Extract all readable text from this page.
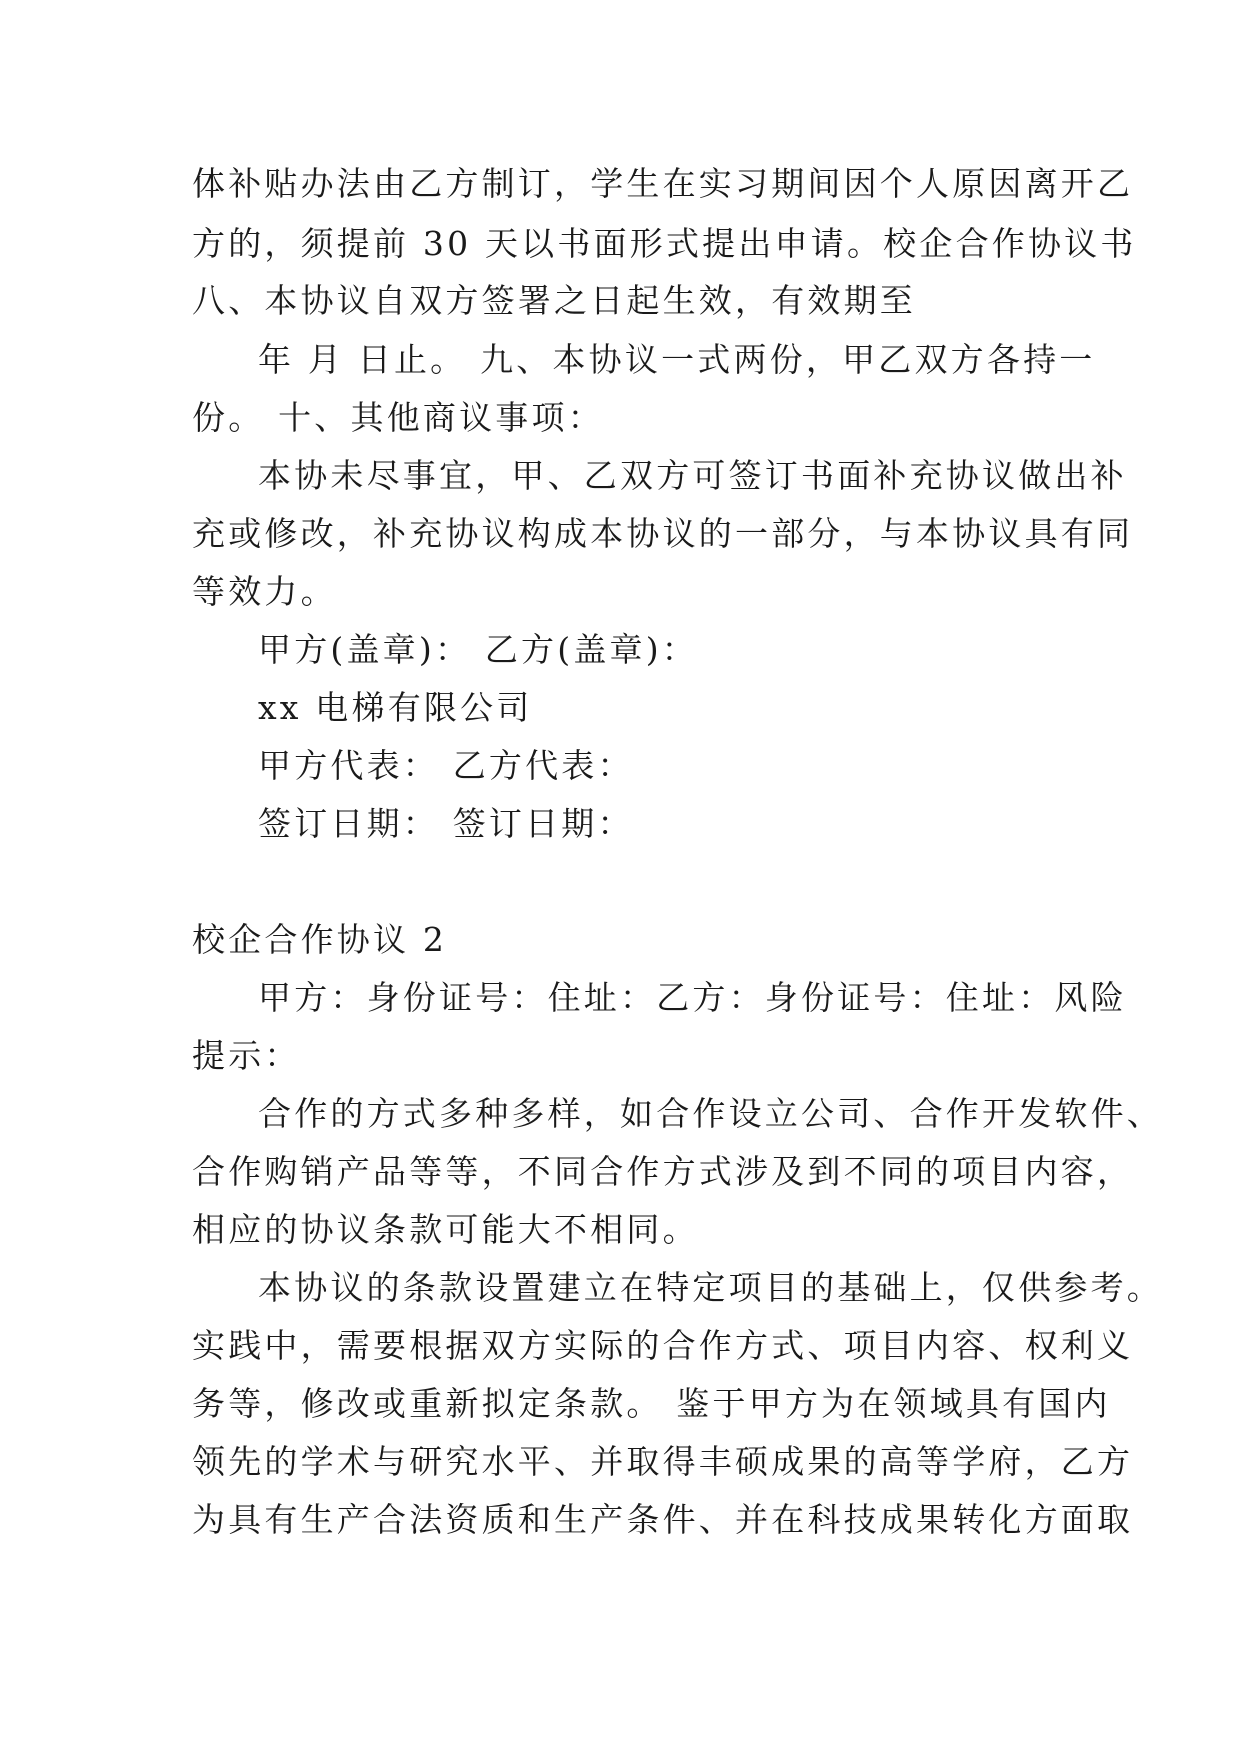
体补贴办法由乙方制订，学生在实习期间因个人原因离开乙
方的，须提前 30 天以书面形式提出申请。校企合作协议书
八、本协议自双方签署之日起生效，有效期至
年 月 日止。 九、本协议一式两份，甲乙双方各持一
份。 十、其他商议事项：
本协未尽事宜，甲、乙双方可签订书面补充协议做出补
充或修改，补充协议构成本协议的一部分，与本协议具有同
等效力。
甲方(盖章)： 乙方(盖章)：
xx 电梯有限公司
甲方代表： 乙方代表：
签订日期： 签订日期：
校企合作协议 2
甲方：身份证号：住址：乙方：身份证号：住址：风险
提示：
合作的方式多种多样，如合作设立公司、合作开发软件、
合作购销产品等等，不同合作方式涉及到不同的项目内容，
相应的协议条款可能大不相同。
本协议的条款设置建立在特定项目的基础上，仅供参考。
实践中，需要根据双方实际的合作方式、项目内容、权利义
务等，修改或重新拟定条款。 鉴于甲方为在领域具有国内
领先的学术与研究水平、并取得丰硕成果的高等学府，乙方
为具有生产合法资质和生产条件、并在科技成果转化方面取
